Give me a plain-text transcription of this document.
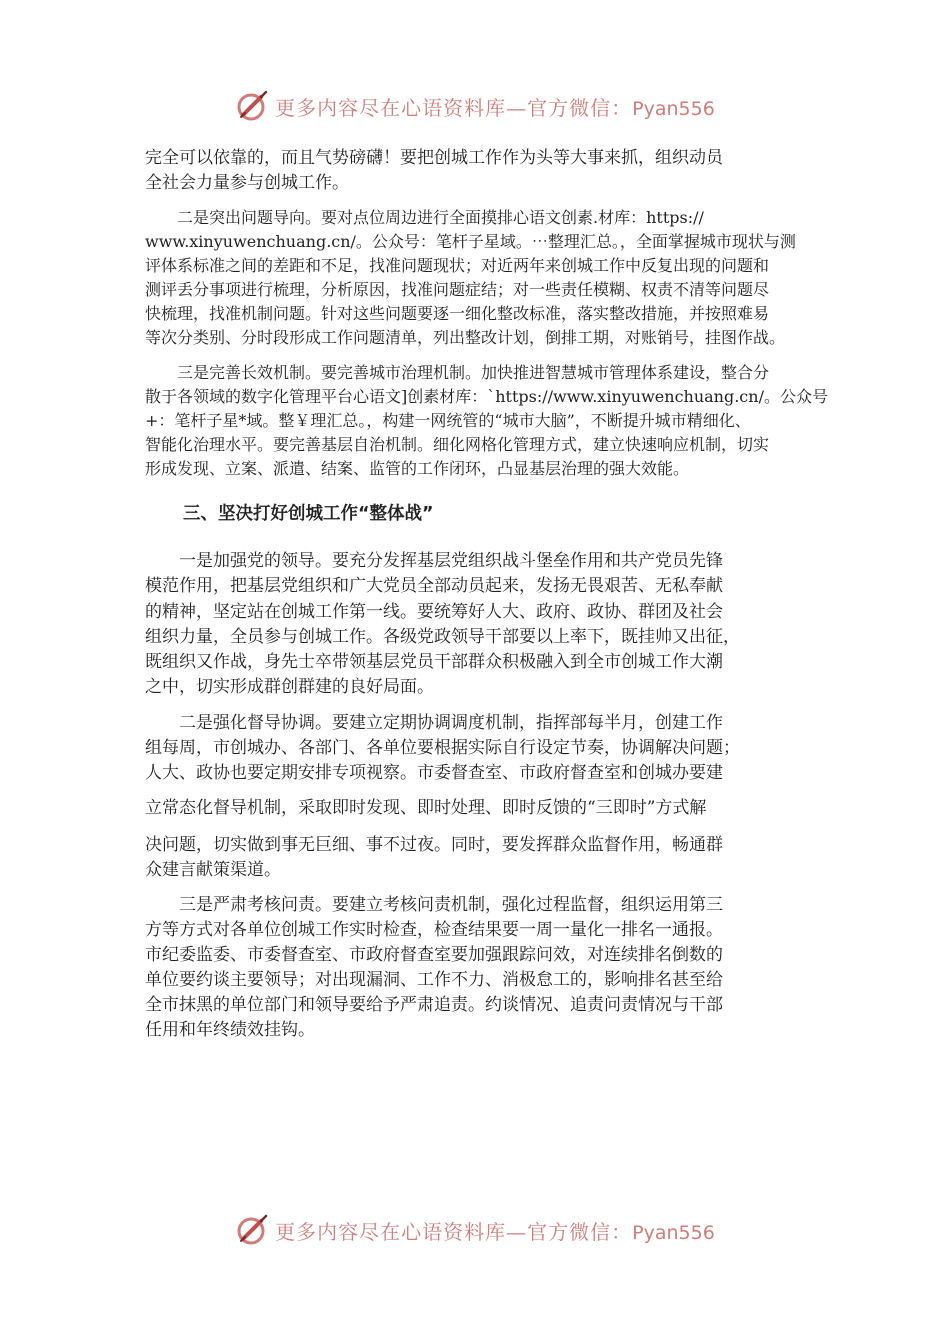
更多内容尽在心语资料库—官方微信：Pyan556

完全可以依靠的，而且气势磅礴！要把创城工作作为头等大事来抓，组织动员
全社会力量参与创城工作。

二是突出问题导向。要对点位周边进行全面摸排心语文创素.材库：https://
www.xinyuwenchuang.cn/。公众号：笔杆子星域。⋯整理汇总。，全面掌握城市现状与测
评体系标准之间的差距和不足，找准问题现状；对近两年来创城工作中反复出现的问题和
测评丢分事项进行梳理，分析原因，找准问题症结；对一些责任模糊、权责不清等问题尽
快梳理，找准机制问题。针对这些问题要逐一细化整改标准，落实整改措施，并按照难易
等次分类别、分时段形成工作问题清单，列出整改计划，倒排工期，对账销号，挂图作战。

三是完善长效机制。要完善城市治理机制。加快推进智慧城市管理体系建设，整合分
散于各领域的数字化管理平台心语文]创素材库：`https://www.xinyuwenchuang.cn/。公众号
+：笔杆子星*域。整￥理汇总。，构建一网统管的“城市大脑”，不断提升城市精细化、
智能化治理水平。要完善基层自治机制。细化网格化管理方式，建立快速响应机制，切实
形成发现、立案、派遣、结案、监管的工作闭环，凸显基层治理的强大效能。

三、坚决打好创城工作“整体战”

一是加强党的领导。要充分发挥基层党组织战斗堡垒作用和共产党员先锋
模范作用，把基层党组织和广大党员全部动员起来，发扬无畏艰苦、无私奉献
的精神，坚定站在创城工作第一线。要统筹好人大、政府、政协、群团及社会
组织力量，全员参与创城工作。各级党政领导干部要以上率下，既挂帅又出征，
既组织又作战，身先士卒带领基层党员干部群众积极融入到全市创城工作大潮
之中，切实形成群创群建的良好局面。

二是强化督导协调。要建立定期协调调度机制，指挥部每半月，创建工作
组每周，市创城办、各部门、各单位要根据实际自行设定节奏，协调解决问题；
人大、政协也要定期安排专项视察。市委督查室、市政府督查室和创城办要建

立常态化督导机制，采取即时发现、即时处理、即时反馈的“三即时”方式解

决问题，切实做到事无巨细、事不过夜。同时，要发挥群众监督作用，畅通群
众建言献策渠道。

三是严肃考核问责。要建立考核问责机制，强化过程监督，组织运用第三
方等方式对各单位创城工作实时检查，检查结果要一周一量化一排名一通报。
市纪委监委、市委督查室、市政府督查室要加强跟踪问效，对连续排名倒数的
单位要约谈主要领导；对出现漏洞、工作不力、消极怠工的，影响排名甚至给
全市抹黑的单位部门和领导要给予严肃追责。约谈情况、追责问责情况与干部
任用和年终绩效挂钩。

更多内容尽在心语资料库—官方微信：Pyan556
